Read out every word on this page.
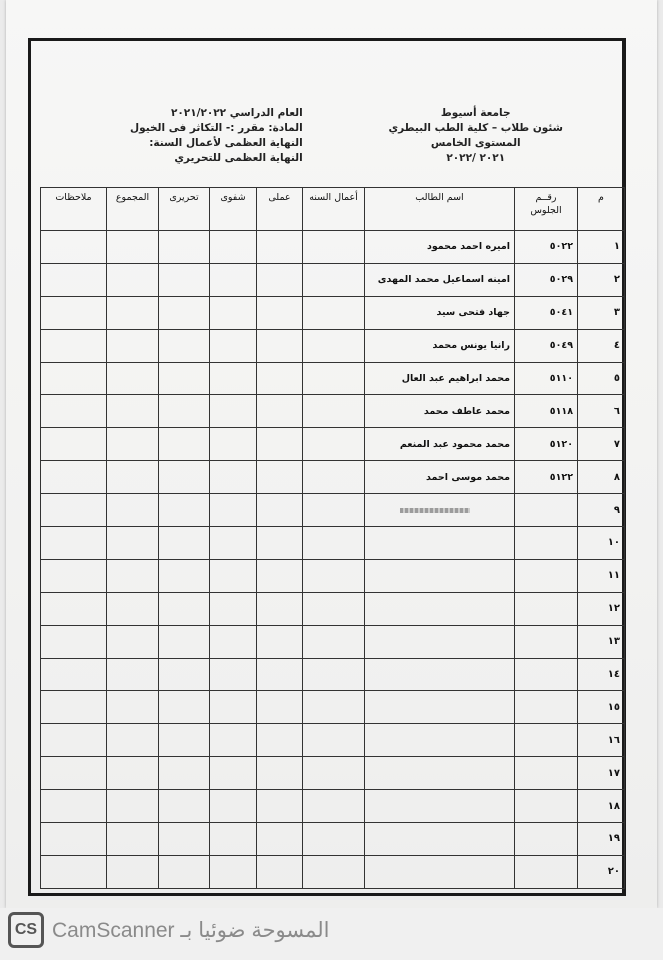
جامعة أسيوط
شئون طلاب – كلية الطب البيطري
المستوى الخامس
٢٠٢١ /٢٠٢٢
العام الدراسي ٢٠٢١/٢٠٢٢
المادة: مقرر :- التكاثر فى الخيول
النهاية العظمى لأعمال السنة:
النهاية العظمى للتحريري
م	رقــم الجلوس	اسم الطالب	أعمال السنه	عملى	شفوى	تحريرى	المجموع	ملاحظات
١	٥٠٢٢	اميره احمد محمود						
٢	٥٠٢٩	امينه اسماعيل محمد المهدى						
٣	٥٠٤١	جهاد فتحى سيد						
٤	٥٠٤٩	رانيا يونس محمد						
٥	٥١١٠	محمد ابراهيم عبد العال						
٦	٥١١٨	محمد عاطف محمد						
٧	٥١٢٠	محمد محمود عبد المنعم						
٨	٥١٢٢	محمد موسى احمد						
٩								
١٠								
١١								
١٢								
١٣								
١٤								
١٥								
١٦								
١٧								
١٨								
١٩								
٢٠								
CS CamScanner المسوحة ضوئيا بـ
